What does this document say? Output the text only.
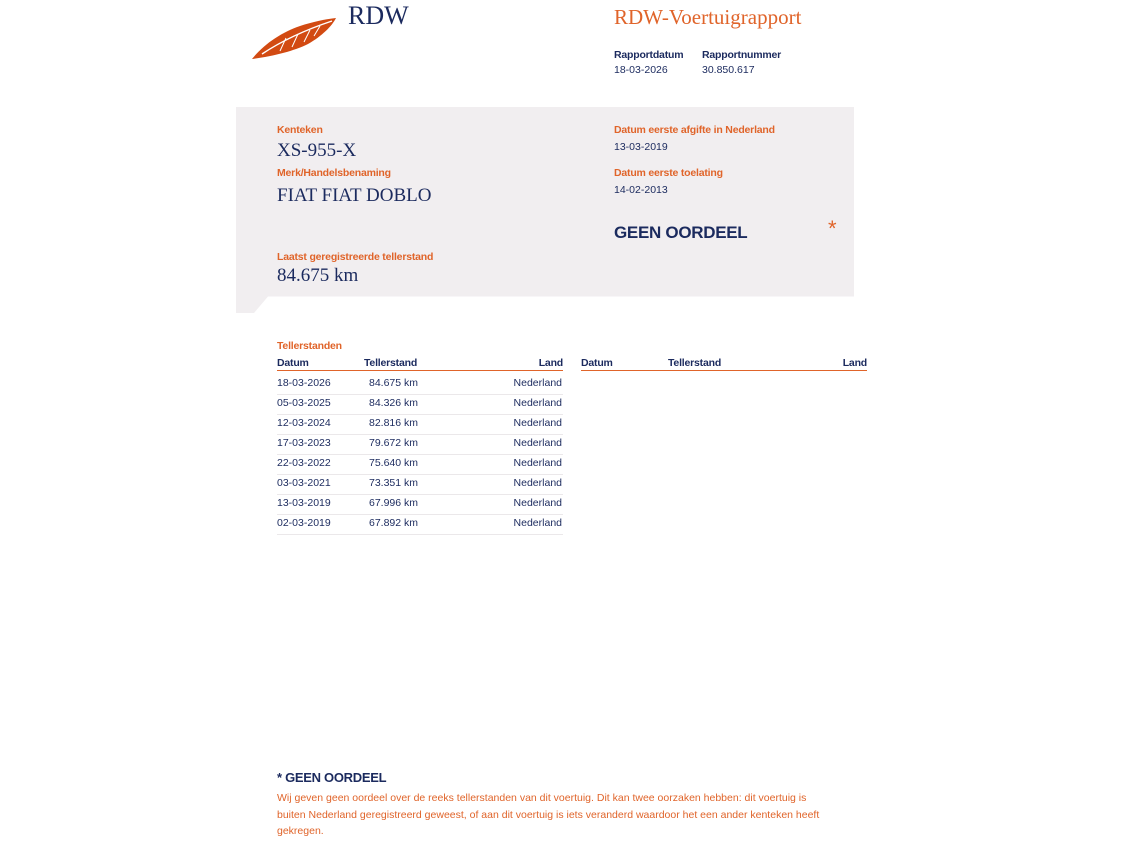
RDW	RDW-Voertuigrapport
Rapportdatum
18-03-2026
Rapportnummer
30.850.617
Kenteken
XS-955-X
Merk/Handelsbenaming
FIAT FIAT DOBLO
Datum eerste afgifte in Nederland
13-03-2019
Datum eerste toelating
14-02-2013
GEEN OORDEEL	*
Laatst geregistreerde tellerstand
84.675 km
Tellerstanden
Datum	Tellerstand	Land Datum	Tellerstand	Land
18-03-2026	84.675 km	Nederland
05-03-2025	84.326 km	Nederland
12-03-2024	82.816 km	Nederland
17-03-2023	79.672 km	Nederland
22-03-2022	75.640 km	Nederland
03-03-2021	73.351 km	Nederland
13-03-2019	67.996 km	Nederland
02-03-2019	67.892 km	Nederland
* GEEN OORDEEL
Wij geven geen oordeel over de reeks tellerstanden van dit voertuig. Dit kan twee oorzaken hebben: dit voertuig is buiten Nederland geregistreerd geweest, of aan dit voertuig is iets veranderd waardoor het een ander kenteken heeft gekregen.
